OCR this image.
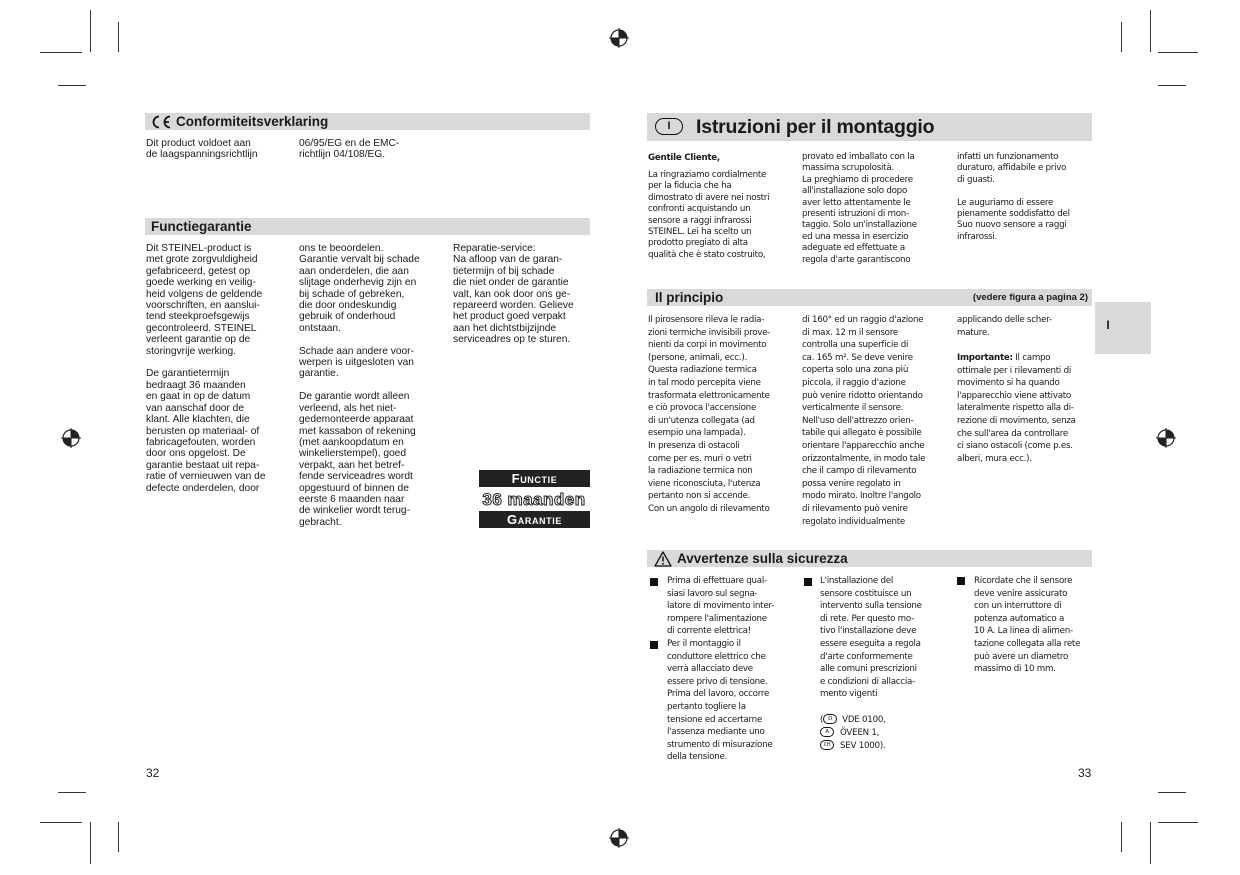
Conformiteitsverklaring
Dit product voldoet aan
de laagspanningsrichtlijn
06/95/EG en de EMC-
richtlijn 04/108/EG.
Functiegarantie
Dit STEINEL-product is
met grote zorgvuldigheid
gefabriceerd, getest op
goede werking en veilig-
heid volgens de geldende
voorschriften, en aanslui-
tend steekproefsgewijs
gecontroleerd. STEINEL
verleent garantie op de
storingvrije werking.

De garantietermijn
bedraagt 36 maanden
en gaat in op de datum
van aanschaf door de
klant. Alle klachten, die
berusten op materiaal- of
fabricagefouten, worden
door ons opgelost. De
garantie bestaat uit repa-
ratie of vernieuwen van de
defecte onderdelen, door
ons te beoordelen.
Garantie vervalt bij schade
aan onderdelen, die aan
slijtage onderhevig zijn en
bij schade of gebreken,
die door ondeskundig
gebruik of onderhoud
ontstaan.

Schade aan andere voor-
werpen is uitgesloten van
garantie.

De garantie wordt alleen
verleend, als het niet-
gedemonteerde apparaat
met kassabon of rekening
(met aankoopdatum en
winkelierstempel), goed
verpakt, aan het betref-
fende serviceadres wordt
opgestuurd of binnen de
eerste 6 maanden naar
de winkelier wordt terug-
gebracht.
Reparatie-service:
Na afloop van de garan-
tietermijn of bij schade
die niet onder de garantie
valt, kan ook door ons ge-
repareerd worden. Gelieve
het product goed verpakt
aan het dichtstbijzijnde
serviceadres op te sturen.
Functie
36 maanden
Garantie
32
I	Istruzioni per il montaggio
Gentile Cliente,
La ringraziamo cordialmente
per la fiducia che ha
dimostrato di avere nei nostri
confronti acquistando un
sensore a raggi infrarossi
STEINEL. Lei ha scelto un
prodotto pregiato di alta
qualità che è stato costruito,
provato ed imballato con la
massima scrupolosità.
La preghiamo di procedere
all'installazione solo dopo
aver letto attentamente le
presenti istruzioni di mon-
taggio. Solo un'installazione
ed una messa in esercizio
adeguate ed effettuate a
regola d'arte garantiscono
infatti un funzionamento
duraturo, affidabile e privo
di guasti.

Le auguriamo di essere
pienamente soddisfatto del
Suo nuovo sensore a raggi
infrarossi.
Il principio	(vedere figura a pagina 2)
Il pirosensore rileva le radia-
zioni termiche invisibili prove-
nienti da corpi in movimento
(persone, animali, ecc.).
Questa radiazione termica
in tal modo percepita viene
trasformata elettronicamente
e ciò provoca l'accensione
di un'utenza collegata (ad
esempio una lampada).
In presenza di ostacoli
come per es. muri o vetri
la radiazione termica non
viene riconosciuta, l'utenza
pertanto non si accende.
Con un angolo di rilevamento
di 160° ed un raggio d'azione
di max. 12 m il sensore
controlla una superficie di
ca. 165 m². Se deve venire
coperta solo una zona più
piccola, il raggio d'azione
può venire ridotto orientando
verticalmente il sensore.
Nell'uso dell'attrezzo orien-
tabile qui allegato è possibile
orientare l'apparecchio anche
orizzontalmente, in modo tale
che il campo di rilevamento
possa venire regolato in
modo mirato. Inoltre l'angolo
di rilevamento può venire
regolato individualmente
applicando delle scher-
mature.
Importante: Il campo
ottimale per i rilevamenti di
movimento si ha quando
l'apparecchio viene attivato
lateralmente rispetto alla di-
rezione di movimento, senza
che sull'area da controllare
ci siano ostacoli (come p.es.
alberi, mura ecc.).
I
Avvertenze sulla sicurezza
Prima di effettuare qual-
siasi lavoro sul segna-
latore di movimento inter-
rompere l'alimentazione
di corrente elettrica!
Per il montaggio il
conduttore elettrico che
verrà allacciato deve
essere privo di tensione.
Prima del lavoro, occorre
pertanto togliere la
tensione ed accertarne
l'assenza mediante uno
strumento di misurazione
della tensione.
L'installazione del
sensore costituisce un
intervento sulla tensione
di rete. Per questo mo-
tivo l'installazione deve
essere eseguita a regola
d'arte conformemente
alle comuni prescrizioni
e condizioni di allaccia-
mento vigenti

( D VDE 0100,

A ÖVEEN 1,

CH SEV 1000).

Ricordate che il sensore
deve venire assicurato
con un interruttore di
potenza automatico a
10 A. La linea di alimen-
tazione collegata alla rete
può avere un diametro
massimo di 10 mm.
33
